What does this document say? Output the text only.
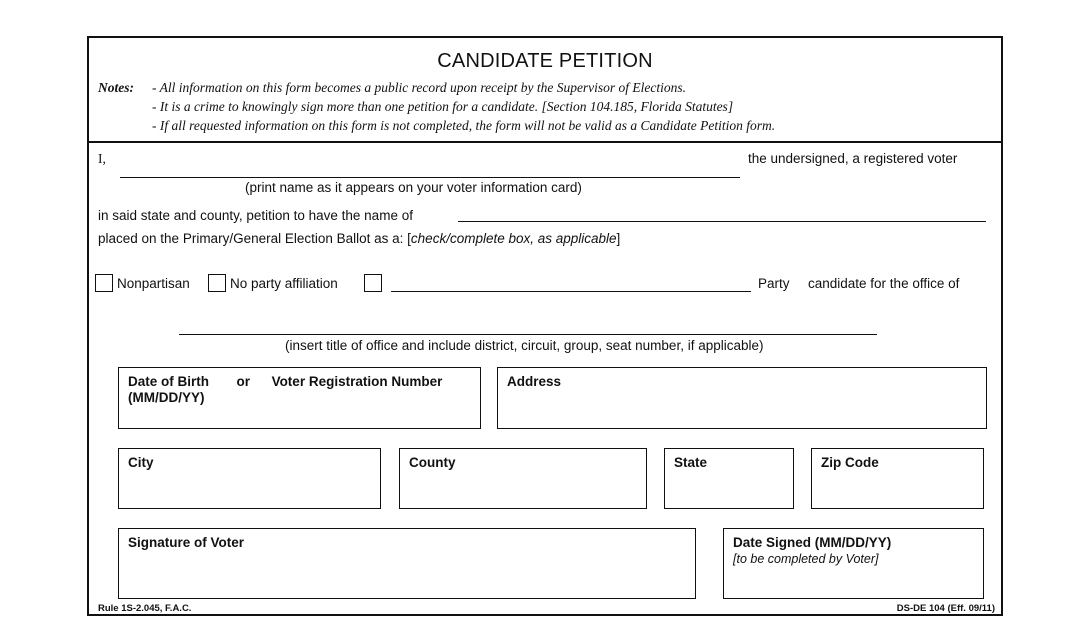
CANDIDATE PETITION
Notes: - All information on this form becomes a public record upon receipt by the Supervisor of Elections.
- It is a crime to knowingly sign more than one petition for a candidate. [Section 104.185, Florida Statutes]
- If all requested information on this form is not completed, the form will not be valid as a Candidate Petition form.
I,	the undersigned, a registered voter
(print name as it appears on your voter information card)
in said state and county, petition to have the name of
placed on the Primary/General Election Ballot as a: [check/complete box, as applicable]
Nonpartisan	No party affiliation	Party candidate for the office of
(insert title of office and include district, circuit, group, seat number, if applicable)
Date of Birth or Voter Registration Number
(MM/DD/YY)
Address
City	County	State	Zip Code
Signature of Voter	Date Signed (MM/DD/YY)
[to be completed by Voter]
Rule 1S-2.045, F.A.C.	DS-DE 104 (Eff. 09/11)
